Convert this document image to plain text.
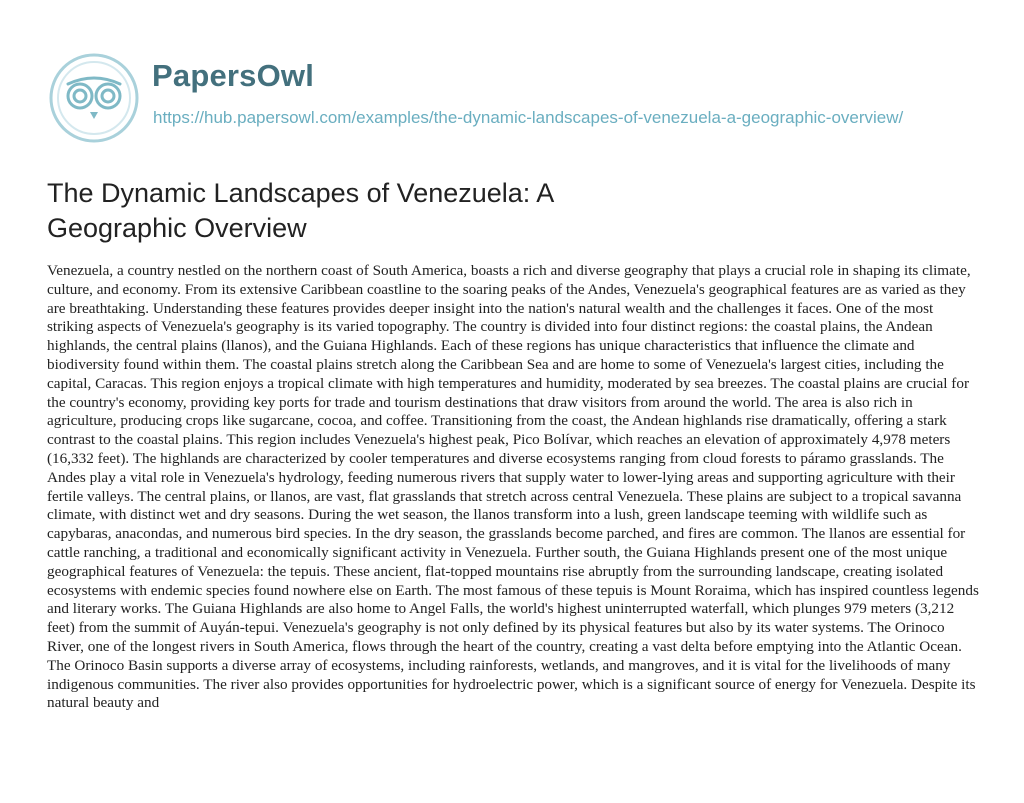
PapersOwl
https://hub.papersowl.com/examples/the-dynamic-landscapes-of-venezuela-a-geographic-overview/
The Dynamic Landscapes of Venezuela: A Geographic Overview

Venezuela, a country nestled on the northern coast of South America, boasts a rich and diverse geography that plays a crucial role in shaping its climate, culture, and economy. From its extensive Caribbean coastline to the soaring peaks of the Andes, Venezuela's geographical features are as varied as they are breathtaking. Understanding these features provides deeper insight into the nation's natural wealth and the challenges it faces. One of the most striking aspects of Venezuela's geography is its varied topography. The country is divided into four distinct regions: the coastal plains, the Andean highlands, the central plains (llanos), and the Guiana Highlands. Each of these regions has unique characteristics that influence the climate and biodiversity found within them. The coastal plains stretch along the Caribbean Sea and are home to some of Venezuela's largest cities, including the capital, Caracas. This region enjoys a tropical climate with high temperatures and humidity, moderated by sea breezes. The coastal plains are crucial for the country's economy, providing key ports for trade and tourism destinations that draw visitors from around the world. The area is also rich in agriculture, producing crops like sugarcane, cocoa, and coffee. Transitioning from the coast, the Andean highlands rise dramatically, offering a stark contrast to the coastal plains. This region includes Venezuela's highest peak, Pico Bolívar, which reaches an elevation of approximately 4,978 meters (16,332 feet). The highlands are characterized by cooler temperatures and diverse ecosystems ranging from cloud forests to páramo grasslands. The Andes play a vital role in Venezuela's hydrology, feeding numerous rivers that supply water to lower-lying areas and supporting agriculture with their fertile valleys. The central plains, or llanos, are vast, flat grasslands that stretch across central Venezuela. These plains are subject to a tropical savanna climate, with distinct wet and dry seasons. During the wet season, the llanos transform into a lush, green landscape teeming with wildlife such as capybaras, anacondas, and numerous bird species. In the dry season, the grasslands become parched, and fires are common. The llanos are essential for cattle ranching, a traditional and economically significant activity in Venezuela. Further south, the Guiana Highlands present one of the most unique geographical features of Venezuela: the tepuis. These ancient, flat-topped mountains rise abruptly from the surrounding landscape, creating isolated ecosystems with endemic species found nowhere else on Earth. The most famous of these tepuis is Mount Roraima, which has inspired countless legends and literary works. The Guiana Highlands are also home to Angel Falls, the world's highest uninterrupted waterfall, which plunges 979 meters (3,212 feet) from the summit of Auyán-tepui. Venezuela's geography is not only defined by its physical features but also by its water systems. The Orinoco River, one of the longest rivers in South America, flows through the heart of the country, creating a vast delta before emptying into the Atlantic Ocean. The Orinoco Basin supports a diverse array of ecosystems, including rainforests, wetlands, and mangroves, and it is vital for the livelihoods of many indigenous communities. The river also provides opportunities for hydroelectric power, which is a significant source of energy for Venezuela. Despite its natural beauty and
